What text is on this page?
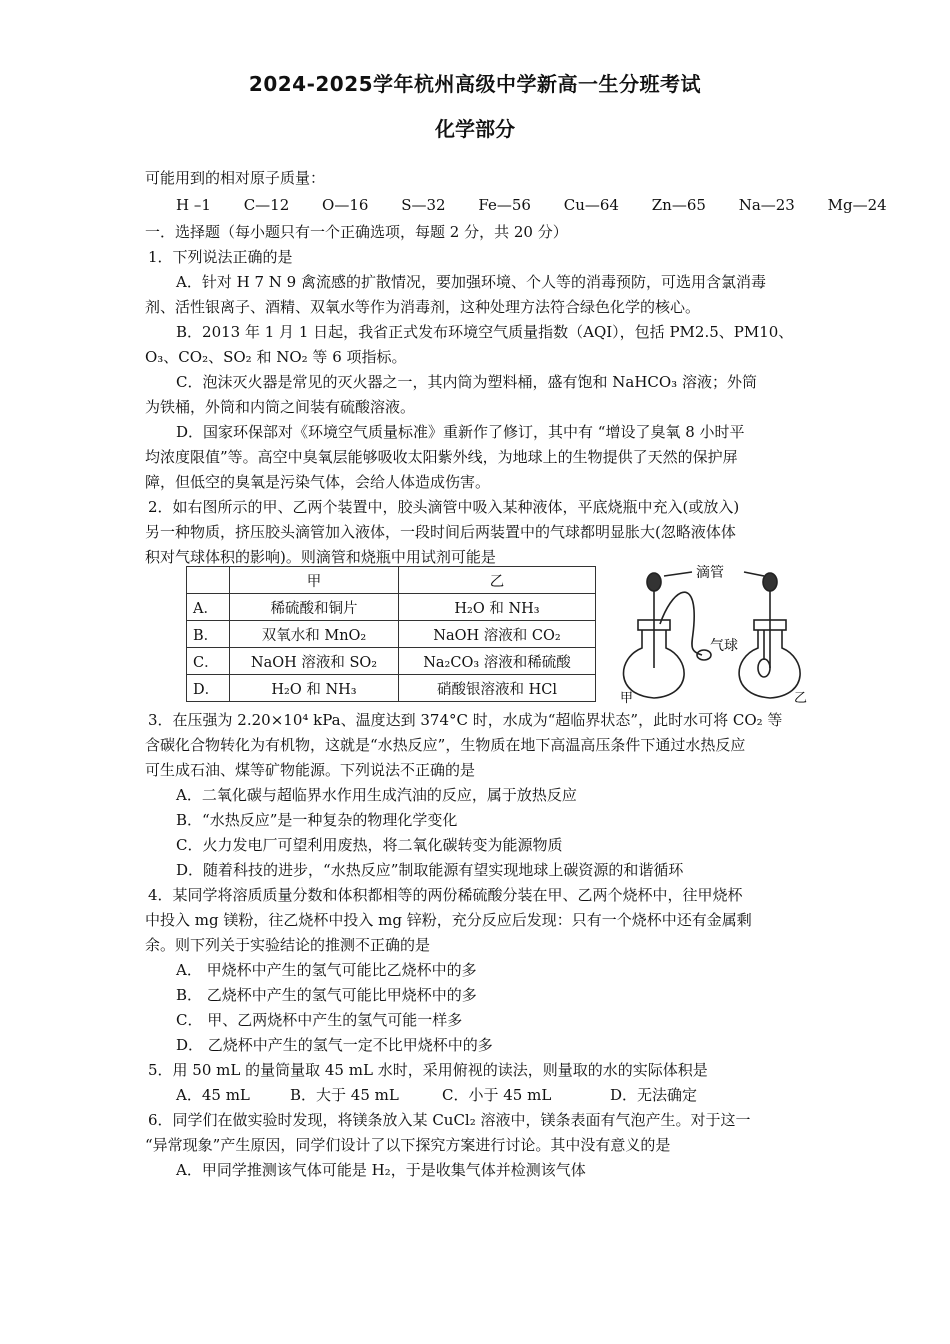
2024-2025学年杭州高级中学新高一生分班考试
化学部分
可能用到的相对原子质量：
H –1 C—12 O—16 S—32 Fe—56 Cu—64 Zn—65 Na—23 Mg—24
一．选择题（每小题只有一个正确选项，每题 2 分，共 20 分）
1．下列说法正确的是
A．针对 H 7 N 9 禽流感的扩散情况，要加强环境、个人等的消毒预防，可选用含氯消毒
剂、活性银离子、酒精、双氧水等作为消毒剂，这种处理方法符合绿色化学的核心。
B．2013 年 1 月 1 日起，我省正式发布环境空气质量指数（AQI），包括 PM2.5、PM10、
O₃、CO₂、SO₂ 和 NO₂ 等 6 项指标。
C．泡沫灭火器是常见的灭火器之一，其内筒为塑料桶，盛有饱和 NaHCO₃ 溶液；外筒
为铁桶，外筒和内筒之间装有硫酸溶液。
D．国家环保部对《环境空气质量标准》重新作了修订，其中有 “增设了臭氧 8 小时平
均浓度限值”等。高空中臭氧层能够吸收太阳紫外线，为地球上的生物提供了天然的保护屏
障，但低空的臭氧是污染气体，会给人体造成伤害。
2．如右图所示的甲、乙两个装置中，胶头滴管中吸入某种液体，平底烧瓶中充入(或放入)
另一种物质，挤压胶头滴管加入液体，一段时间后两装置中的气球都明显胀大(忽略液体体
积对气球体积的影响)。则滴管和烧瓶中用试剂可能是
	甲	乙
A．	稀硫酸和铜片	H₂O 和 NH₃
B．	双氧水和 MnO₂	NaOH 溶液和 CO₂
C．	NaOH 溶液和 SO₂	Na₂CO₃ 溶液和稀硫酸
D．	H₂O 和 NH₃	硝酸银溶液和 HCl
滴管
气球
甲	乙
3．在压强为 2.20×10⁴ kPa、温度达到 374°C 时，水成为“超临界状态”，此时水可将 CO₂ 等
含碳化合物转化为有机物，这就是“水热反应”，生物质在地下高温高压条件下通过水热反应
可生成石油、煤等矿物能源。下列说法不正确的是
A．二氧化碳与超临界水作用生成汽油的反应，属于放热反应
B．“水热反应”是一种复杂的物理化学变化
C．火力发电厂可望利用废热，将二氧化碳转变为能源物质
D．随着科技的进步，“水热反应”制取能源有望实现地球上碳资源的和谐循环
4．某同学将溶质质量分数和体积都相等的两份稀硫酸分装在甲、乙两个烧杯中，往甲烧杯
中投入 mg 镁粉，往乙烧杯中投入 mg 锌粉，充分反应后发现：只有一个烧杯中还有金属剩
余。则下列关于实验结论的推测不正确的是
A． 甲烧杯中产生的氢气可能比乙烧杯中的多
B． 乙烧杯中产生的氢气可能比甲烧杯中的多
C． 甲、乙两烧杯中产生的氢气可能一样多
D． 乙烧杯中产生的氢气一定不比甲烧杯中的多
5．用 50 mL 的量筒量取 45 mL 水时，采用俯视的读法，则量取的水的实际体积是
A．45 mL	B．大于 45 mL	C．小于 45 mL	D．无法确定
6．同学们在做实验时发现，将镁条放入某 CuCl₂ 溶液中，镁条表面有气泡产生。对于这一
“异常现象”产生原因，同学们设计了以下探究方案进行讨论。其中没有意义的是
A．甲同学推测该气体可能是 H₂，于是收集气体并检测该气体
